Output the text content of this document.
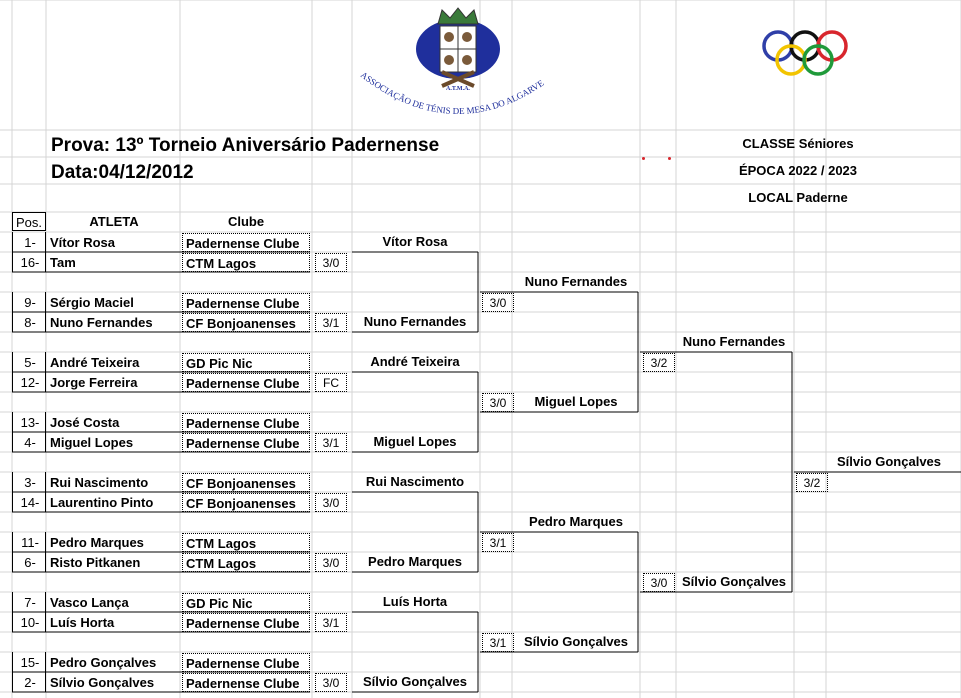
ASSOCIAÇÃO DE TÉNIS DE MESA DO ALGARVE
A.T.M.A.
Prova: 13º Torneio Aniversário Padernense
Data:04/12/2012
CLASSE Séniores
ÉPOCA 2022 / 2023
LOCAL Paderne
Pos.	ATLETA	Clube
1-	Vítor Rosa	Padernense Clube
16- Tam	CTM Lagos
9-	Sérgio Maciel	Padernense Clube
8-	Nuno Fernandes	CF Bonjoanenses
5-	André Teixeira	GD Pic Nic
12- Jorge Ferreira	Padernense Clube
13- José Costa	Padernense Clube
4-	Miguel Lopes	Padernense Clube
3-	Rui Nascimento	CF Bonjoanenses
14- Laurentino Pinto	CF Bonjoanenses
11- Pedro Marques	CTM Lagos
6-	Risto Pitkanen	CTM Lagos
7-	Vasco Lança	GD Pic Nic
10- Luís Horta	Padernense Clube
15- Pedro Gonçalves	Padernense Clube
2-	Sílvio Gonçalves	Padernense Clube
Vítor Rosa
3/0
Nuno Fernandes
3/1
André Teixeira
FC
Miguel Lopes
3/1
Rui Nascimento
3/0
Pedro Marques
3/0
Luís Horta
3/1
Sílvio Gonçalves
3/0
Nuno Fernandes
3/0
Miguel Lopes
3/0
Pedro Marques
3/1
Sílvio Gonçalves
3/1
Nuno Fernandes
3/2
Sílvio Gonçalves
3/0
Sílvio Gonçalves
3/2
